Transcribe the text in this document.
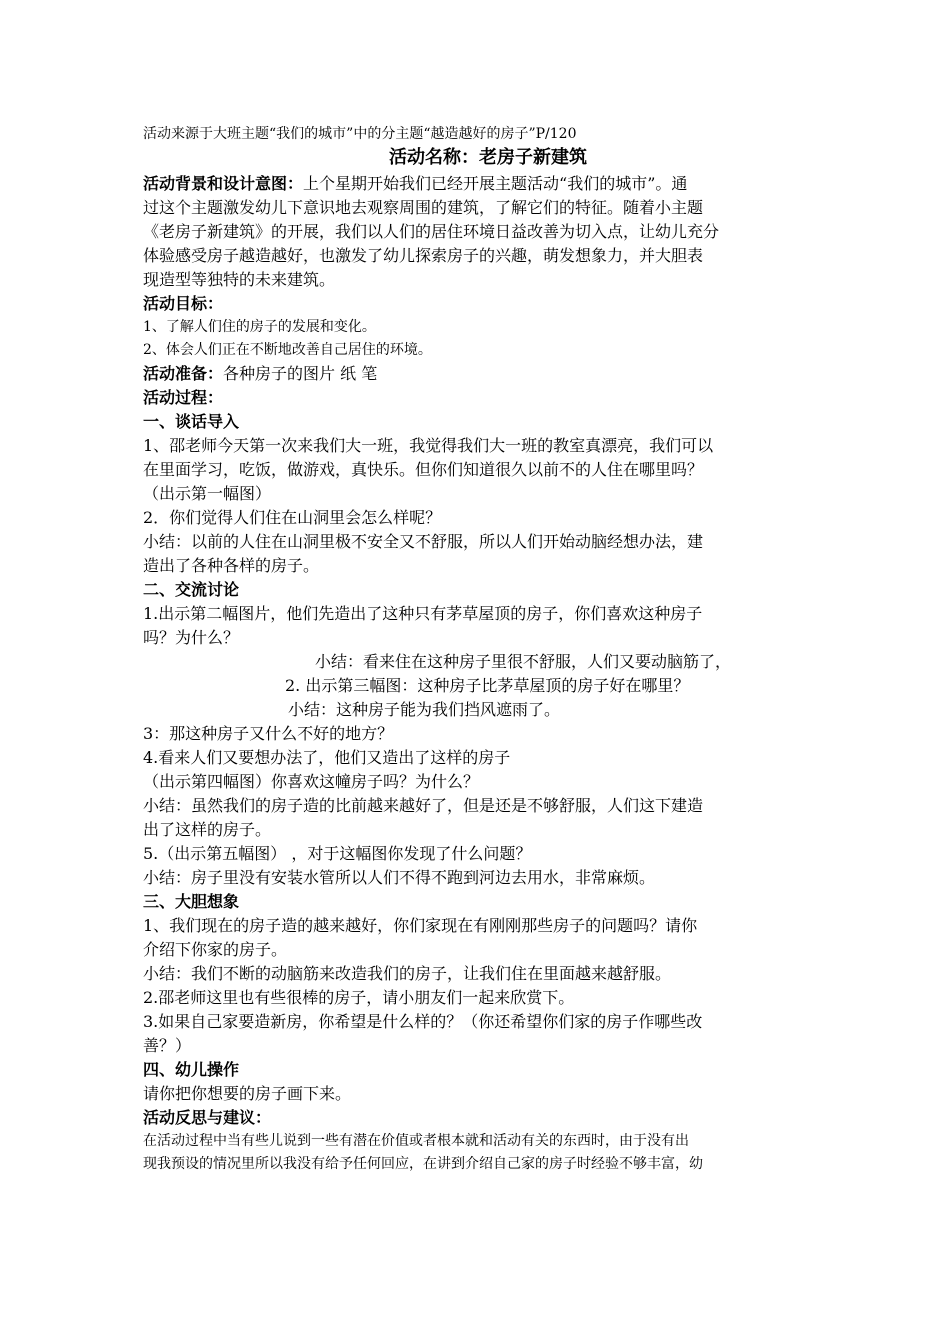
活动来源于大班主题“我们的城市”中的分主题“越造越好的房子”P/120
活动名称：老房子新建筑
活动背景和设计意图：上个星期开始我们已经开展主题活动“我们的城市”。通
过这个主题激发幼儿下意识地去观察周围的建筑，了解它们的特征。随着小主题
《老房子新建筑》的开展，我们以人们的居住环境日益改善为切入点，让幼儿充分
体验感受房子越造越好，也激发了幼儿探索房子的兴趣，萌发想象力，并大胆表
现造型等独特的未来建筑。
活动目标：
1、了解人们住的房子的发展和变化。
2、体会人们正在不断地改善自己居住的环境。
活动准备：各种房子的图片 纸 笔
活动过程：
一、谈话导入
1、邵老师今天第一次来我们大一班，我觉得我们大一班的教室真漂亮，我们可以
在里面学习，吃饭，做游戏，真快乐。但你们知道很久以前不的人住在哪里吗？
（出示第一幅图）
2．你们觉得人们住在山洞里会怎么样呢？
小结：以前的人住在山洞里极不安全又不舒服，所以人们开始动脑经想办法，建
造出了各种各样的房子。
二、交流讨论
1.出示第二幅图片，他们先造出了这种只有茅草屋顶的房子，你们喜欢这种房子
吗？为什么？
小结：看来住在这种房子里很不舒服，人们又要动脑筋了，
2. 出示第三幅图：这种房子比茅草屋顶的房子好在哪里？
小结：这种房子能为我们挡风遮雨了。
3：那这种房子又什么不好的地方？
4.看来人们又要想办法了，他们又造出了这样的房子
（出示第四幅图）你喜欢这幢房子吗？为什么？
小结：虽然我们的房子造的比前越来越好了，但是还是不够舒服，人们这下建造
出了这样的房子。
5.（出示第五幅图） ，对于这幅图你发现了什么问题？
小结：房子里没有安装水管所以人们不得不跑到河边去用水，非常麻烦。
三、大胆想象
1、我们现在的房子造的越来越好，你们家现在有刚刚那些房子的问题吗？请你
介绍下你家的房子。
小结：我们不断的动脑筋来改造我们的房子，让我们住在里面越来越舒服。
2.邵老师这里也有些很棒的房子，请小朋友们一起来欣赏下。
3.如果自己家要造新房，你希望是什么样的？（你还希望你们家的房子作哪些改
善？）
四、幼儿操作
请你把你想要的房子画下来。
活动反思与建议：
在活动过程中当有些儿说到一些有潜在价值或者根本就和活动有关的东西时，由于没有出
现我预设的情况里所以我没有给予任何回应，在讲到介绍自己家的房子时经验不够丰富，幼
